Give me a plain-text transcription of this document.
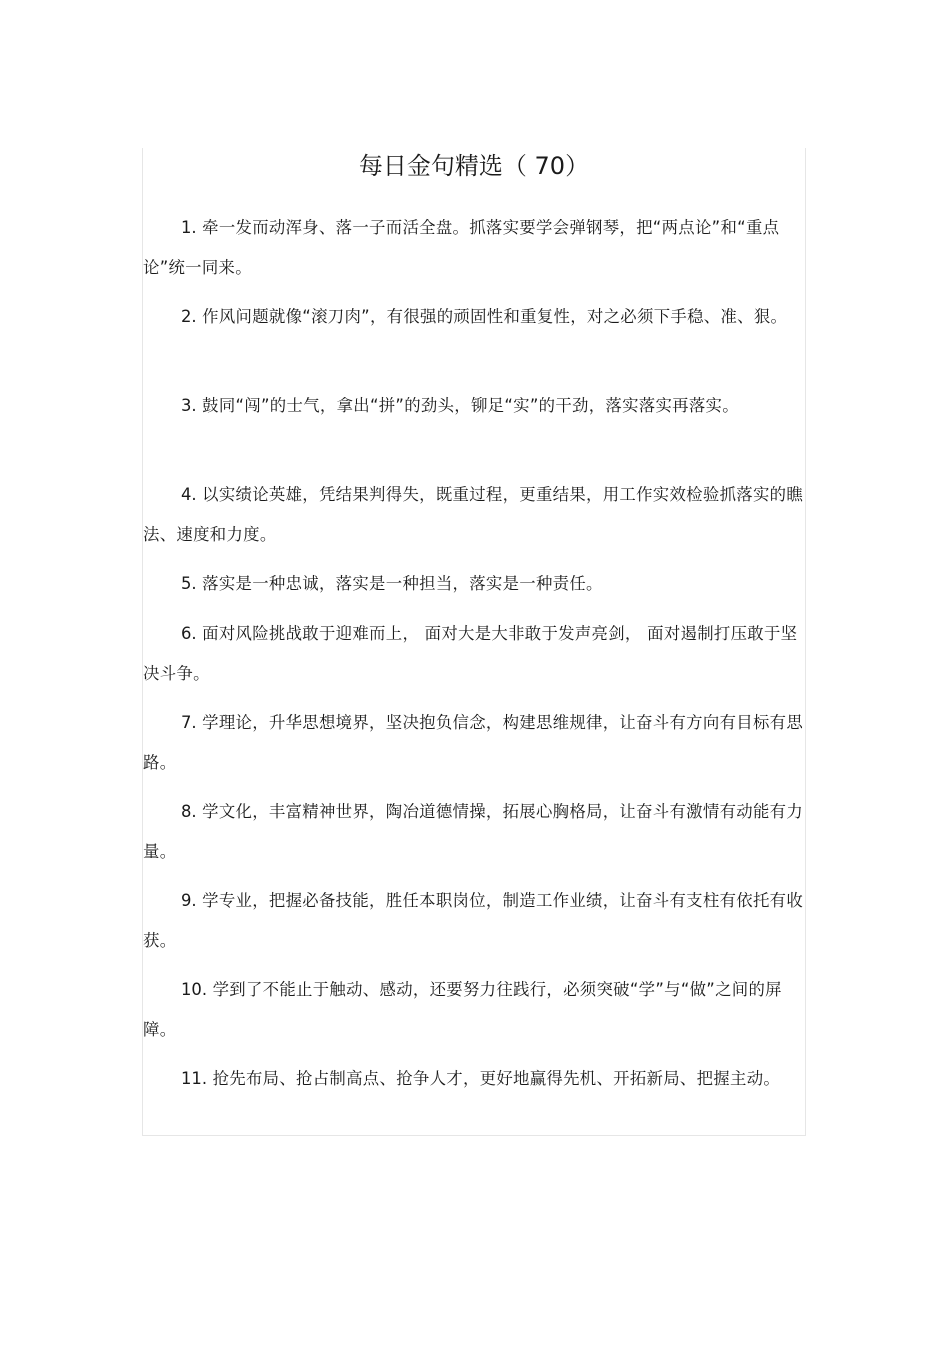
每日金句精选（ 70）

1. 牵一发而动浑身、落一子而活全盘。抓落实要学会弹钢琴，把“两点论”和“重点论”统一同来。

2. 作风问题就像“滚刀肉”，有很强的顽固性和重复性，对之必须下手稳、准、狠。

3. 鼓同“闯”的士气，拿出“拼”的劲头，铆足“实”的干劲，落实落实再落实。

4. 以实绩论英雄，凭结果判得失，既重过程，更重结果，用工作实效检验抓落实的瞧法、速度和力度。

5. 落实是一种忠诚，落实是一种担当，落实是一种责任。

6. 面对风险挑战敢于迎难而上， 面对大是大非敢于发声亮剑， 面对遏制打压敢于坚决斗争。

7. 学理论，升华思想境界，坚决抱负信念，构建思维规律，让奋斗有方向有目标有思路。

8. 学文化，丰富精神世界，陶冶道德情操，拓展心胸格局，让奋斗有激情有动能有力量。

9. 学专业，把握必备技能，胜任本职岗位，制造工作业绩，让奋斗有支柱有依托有收获。

10. 学到了不能止于触动、感动，还要努力往践行，必须突破“学”与“做”之间的屏障。

11. 抢先布局、抢占制高点、抢争人才，更好地赢得先机、开拓新局、把握主动。
